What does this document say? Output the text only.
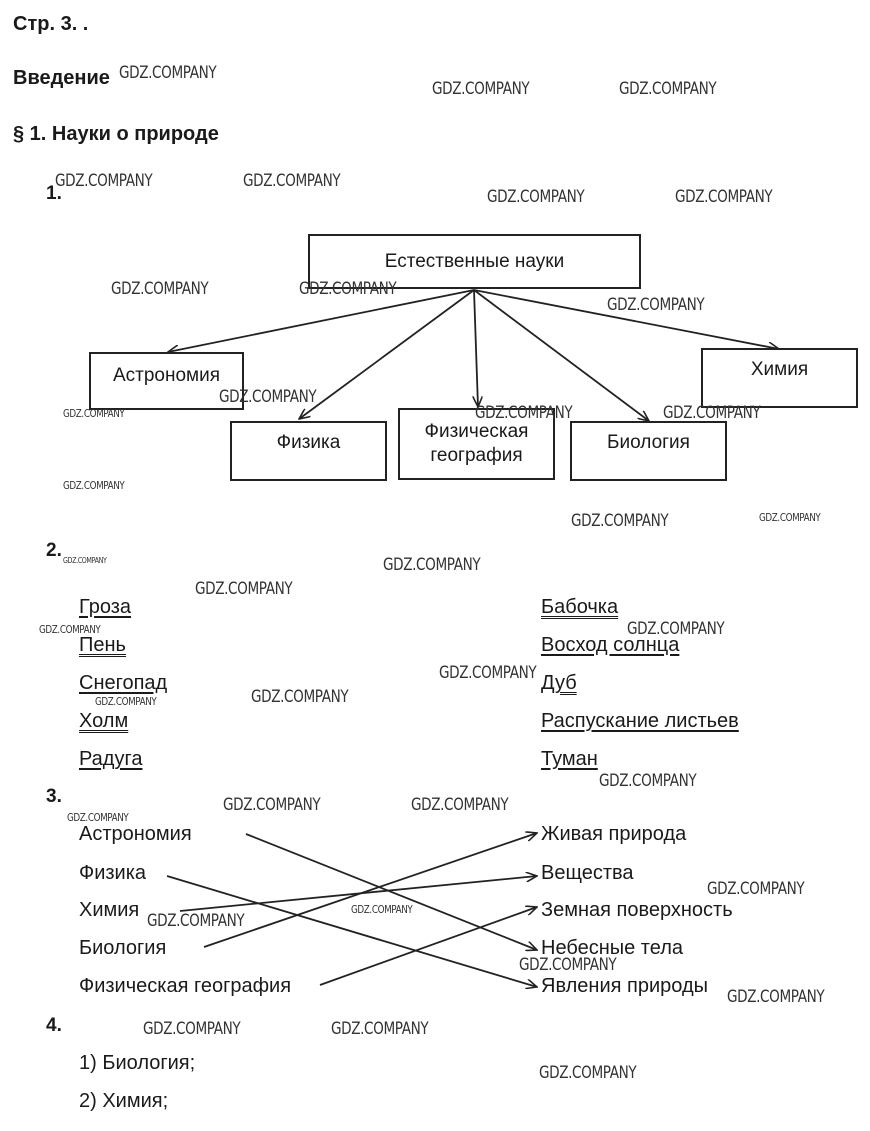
Стр. 3. .
Введение
§ 1. Науки о природе
1.
Естественные науки
Астрономия
Физика
Физическая география
Биология
Химия
2.
Гроза
Пень
Снегопад
Холм
Радуга
Бабочка
Восход солнца
Дуб
Распускание листьев
Туман
3.
Астрономия
Физика
Химия
Биология
Физическая география
Живая природа
Вещества
Земная поверхность
Небесные тела
Явления природы
4.
1) Биология;
2) Химия;
GDZ.COMPANY
GDZ.COMPANY	GDZ.COMPANY
GDZ.COMPANY	GDZ.COMPANY
GDZ.COMPANY	GDZ.COMPANY
GDZ.COMPANY	GDZ.COMPANY
GDZ.COMPANY
GDZ.COMPANY
GDZ.COMPANY	GDZ.COMPANY	GDZ.COMPANY
GDZ.COMPANY
GDZ.COMPANY	GDZ.COMPANY
GDZ.COMPANY	GDZ.COMPANY
GDZ.COMPANY
GDZ.COMPANY	GDZ.COMPANY
GDZ.COMPANY
GDZ.COMPANY	GDZ.COMPANY
GDZ.COMPANY
GDZ.COMPANY	GDZ.COMPANY
GDZ.COMPANY
GDZ.COMPANY
GDZ.COMPANY
GDZ.COMPANY
GDZ.COMPANY
GDZ.COMPANY
GDZ.COMPANY	GDZ.COMPANY
GDZ.COMPANY
